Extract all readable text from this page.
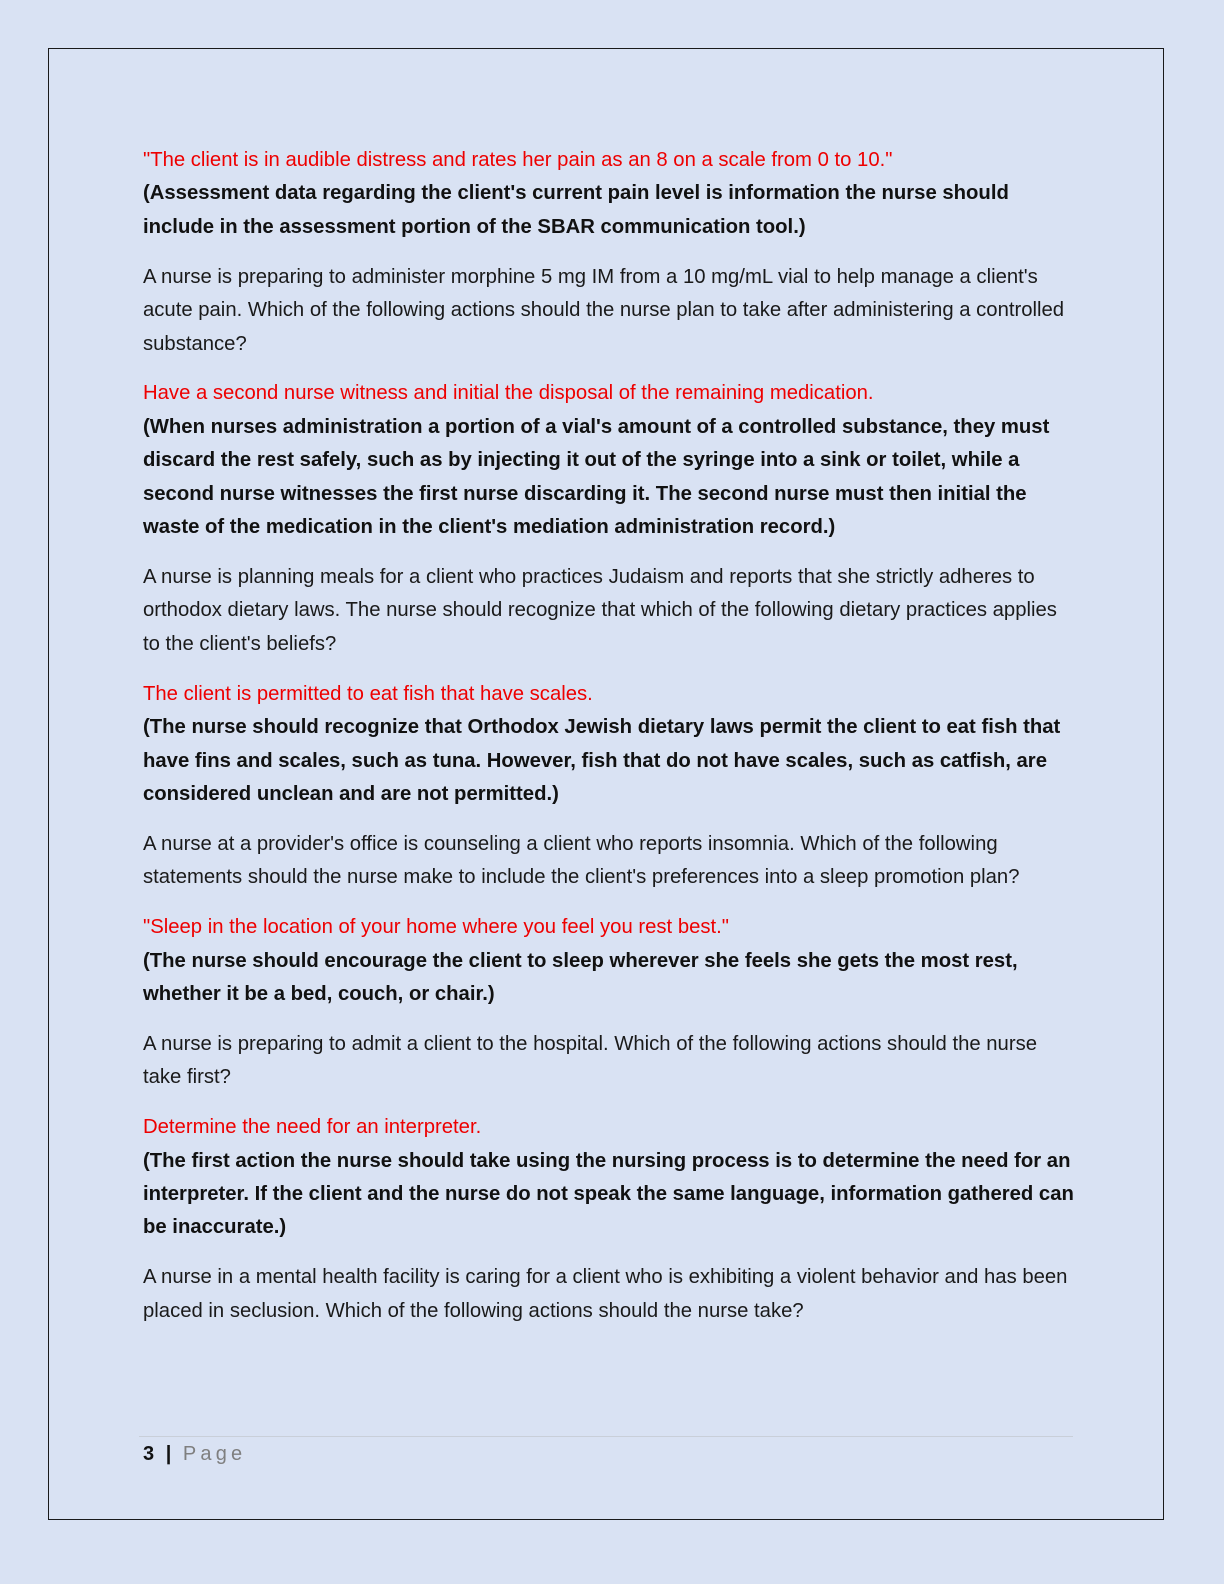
"The client is in audible distress and rates her pain as an 8 on a scale from 0 to 10."
(Assessment data regarding the client's current pain level is information the nurse should include in the assessment portion of the SBAR communication tool.)
A nurse is preparing to administer morphine 5 mg IM from a 10 mg/mL vial to help manage a client's acute pain. Which of the following actions should the nurse plan to take after administering a controlled substance?
Have a second nurse witness and initial the disposal of the remaining medication.
(When nurses administration a portion of a vial's amount of a controlled substance, they must discard the rest safely, such as by injecting it out of the syringe into a sink or toilet, while a second nurse witnesses the first nurse discarding it. The second nurse must then initial the waste of the medication in the client's mediation administration record.)
A nurse is planning meals for a client who practices Judaism and reports that she strictly adheres to orthodox dietary laws. The nurse should recognize that which of the following dietary practices applies to the client's beliefs?
The client is permitted to eat fish that have scales.
(The nurse should recognize that Orthodox Jewish dietary laws permit the client to eat fish that have fins and scales, such as tuna. However, fish that do not have scales, such as catfish, are considered unclean and are not permitted.)
A nurse at a provider's office is counseling a client who reports insomnia. Which of the following statements should the nurse make to include the client's preferences into a sleep promotion plan?
"Sleep in the location of your home where you feel you rest best."
(The nurse should encourage the client to sleep wherever she feels she gets the most rest, whether it be a bed, couch, or chair.)
A nurse is preparing to admit a client to the hospital. Which of the following actions should the nurse take first?
Determine the need for an interpreter.
(The first action the nurse should take using the nursing process is to determine the need for an interpreter. If the client and the nurse do not speak the same language, information gathered can be inaccurate.)
A nurse in a mental health facility is caring for a client who is exhibiting a violent behavior and has been placed in seclusion. Which of the following actions should the nurse take?
3 | Page
